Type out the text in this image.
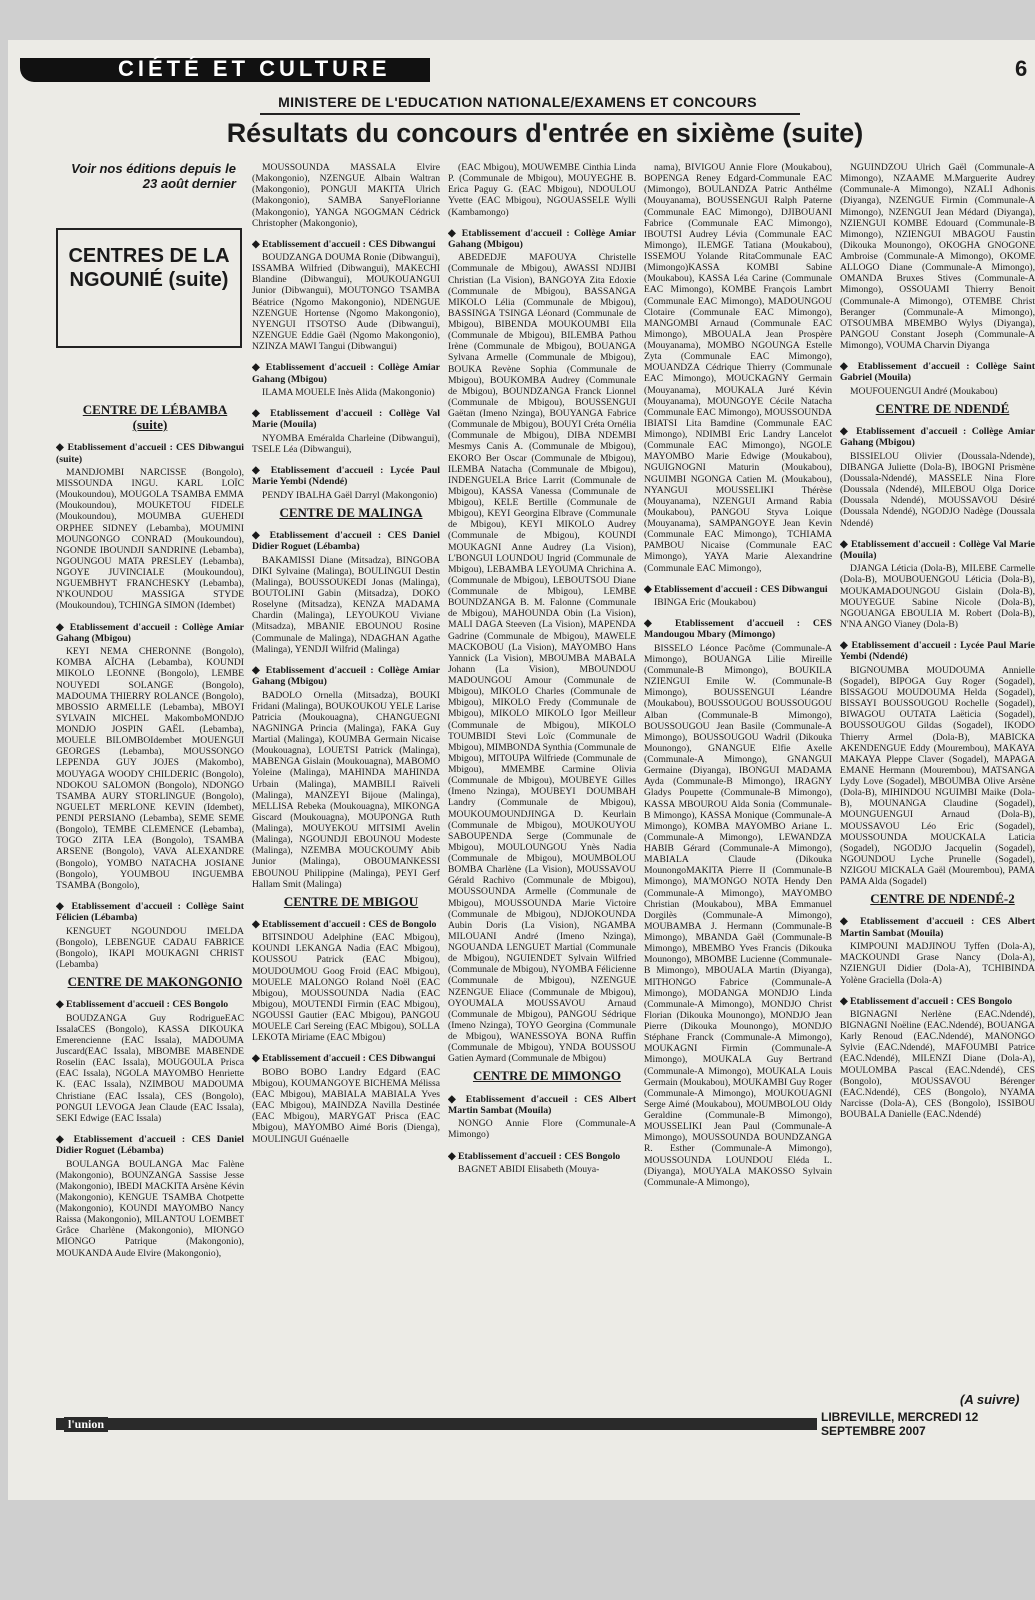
CIÉTÉ ET CULTURE	6
MINISTERE DE L'EDUCATION NATIONALE/EXAMENS ET CONCOURS
Résultats du concours d'entrée en sixième (suite)
Voir nos éditions depuis le 23 août dernier
CENTRES DE LA NGOUNIÉ (suite)

CENTRE DE LÉBAMBA (suite)

◆ Etablissement d'accueil : CES Dibwangui (suite)

MANDJOMBI NARCISSE (Bongolo), MISSOUNDA INGU. KARL LOÏC (Moukoundou), MOUGOLA TSAMBA EMMA (Moukoundou), MOUKETOU FIDELE (Moukoundou), MOUMBA GUEHEDI ORPHEE SIDNEY (Lebamba), MOUMINI MOUNGONGO CONRAD (Moukoundou), NGONDE IBOUNDJI SANDRINE (Lebamba), NGOUNGOU MATA PRESLEY (Lebamba), NGOYE JUVINCIALE (Moukoundou), NGUEMBHYT FRANCHESKY (Lebamba), N'KOUNDOU MASSIGA STYDE (Moukoundou), TCHINGA SIMON (Idembet)

◆ Etablissement d'accueil : Collège Amiar Gahang (Mbigou)

KEYI NEMA CHERONNE (Bongolo), KOMBA AÏCHA (Lebamba), KOUNDI MIKOLO LEONNE (Bongolo), LEMBE NOUYEDI SOLANGE (Bongolo), MADOUMA THIERRY ROLANCE (Bongolo), MBOSSIO ARMELLE (Lebamba), MBOYI SYLVAIN MICHEL MakomboMONDJO MONDJO JOSPIN GAËL (Lebamba), MOUELE BILOMBOIdembet MOUENGUI GEORGES (Lebamba), MOUSSONGO LEPENDA GUY JOJES (Makombo), MOUYAGA WOODY CHILDERIC (Bongolo), NDOKOU SALOMON (Bongolo), NDONGO TSAMBA AURY STORLINGUE (Bongolo), NGUELET MERLONE KEVIN (Idembet), PENDI PERSIANO (Lebamba), SEME SEME (Bongolo), TEMBE CLEMENCE (Lebamba), TOGO ZITA LEA (Bongolo), TSAMBA ARSENE (Bongolo), VAVA ALEXANDRE (Bongolo), YOMBO NATACHA JOSIANE (Bongolo), YOUMBOU INGUEMBA TSAMBA (Bongolo),

◆ Etablissement d'accueil : Collège Saint Félicien (Lébamba)

KENGUET NGOUNDOU IMELDA (Bongolo), LEBENGUE CADAU FABRICE (Bongolo), IKAPI MOUKAGNI CHRIST (Lebamba)

CENTRE DE MAKONGONIO

◆ Etablissement d'accueil : CES Bongolo

BOUDZANGA Guy RodrigueEAC IssalaCES (Bongolo), KASSA DIKOUKA Emerencienne (EAC Issala), MADOUMA Juscard(EAC Issala), MBOMBE MABENDE Roselin (EAC Issala), MOUGOULA Prisca (EAC Issala), NGOLA MAYOMBO Henriette K. (EAC Issala), NZIMBOU MADOUMA Christiane (EAC Issala), CES (Bongolo), PONGUI LEVOGA Jean Claude (EAC Issala), SEKI Edwige (EAC Issala)

◆ Etablissement d'accueil : CES Daniel Didier Roguet (Lébamba)

BOULANGA BOULANGA Mac Falène (Makongonio), BOUNZANGA Sassise Jesse (Makongonio), IBEDI MACKITA Arsène Kévin (Makongonio), KENGUE TSAMBA Chotpette (Makongonio), KOUNDI MAYOMBO Nancy Raissa (Makongonio), MILANTOU LOEMBET Grâce Charlène (Makongonio), MIONGO MIONGO Patrique (Makongonio), MOUKANDA Aude Elvire (Makongonio),

MOUSSOUNDA MASSALA Elvire (Makongonio), NZENGUE Albain Waltran (Makongonio), PONGUI MAKITA Ulrich (Makongonio), SAMBA SanyeFlorianne (Makongonio), YANGA NGOGMAN Cédrick Christopher (Makongonio),

◆ Etablissement d'accueil : CES Dibwangui

BOUDZANGA DOUMA Ronie (Dibwangui), ISSAMBA Wilfried (Dibwangui), MAKECHI Blandine (Dibwangui), MOUKOUANGUI Junior (Dibwangui), MOUTONGO TSAMBA Béatrice (Ngomo Makongonio), NDENGUE NZENGUE Hortense (Ngomo Makongonio), NYENGUI ITSOTSO Aude (Dibwangui), NZENGUE Eddie Gaël (Ngomo Makongonio), NZINZA MAWI Tangui (Dibwangui)

◆ Etablissement d'accueil : Collège Amiar Gahang (Mbigou)

ILAMA MOUELE Inès Alida (Makongonio)

◆ Etablissement d'accueil : Collège Val Marie (Mouila)

NYOMBA Eméralda Charleine (Dibwangui), TSELE Léa (Dibwangui),

◆ Etablissement d'accueil : Lycée Paul Marie Yembi (Ndendé)

PENDY IBALHA Gaël Darryl (Makongonio)

CENTRE DE MALINGA

◆ Etablissement d'accueil : CES Daniel Didier Roguet (Lébamba)

BAKAMISSI Diane (Mitsadza), BINGOBA DIKI Sylvaine (Malinga), BOULINGUI Destin (Malinga), BOUSSOUKEDI Jonas (Malinga), BOUTOLINI Gabin (Mitsadza), DOKO Roselyne (Mitsadza), KENZA MADAMA Chardin (Malinga), LEYOUKOU Viviane (Mitsadza), MBANIE EBOUNOU Rosine (Communale de Malinga), NDAGHAN Agathe (Malinga), YENDJI Wilfrid (Malinga)

◆ Etablissement d'accueil : Collège Amiar Gahang (Mbigou)

BADOLO Ornella (Mitsadza), BOUKI Fridani (Malinga), BOUKOUKOU YELE Larise Patricia (Moukouagna), CHANGUEGNI NAGNINGA Princia (Malinga), FAKA Guy Martial (Malinga), KOUMBA Germain Nicaise (Moukouagna), LOUETSI Patrick (Malinga), MABENGA Gislain (Moukouagna), MABOMO Yoleine (Malinga), MAHINDA MAHINDA Urbain (Malinga), MAMBILI Raïveli (Malinga), MANZEYI Bijoue (Malinga), MELLISA Rebeka (Moukouagna), MIKONGA Giscard (Moukouagna), MOUPONGA Ruth (Malinga), MOUYEKOU MITSIMI Avelin (Malinga), NGOUNDJI EBOUNOU Modeste (Malinga), NZEMBA MOUCKOUMY Abib Junior (Malinga), OBOUMANKESSI EBOUNOU Philippine (Malinga), PEYI Gerf Hallam Smit (Malinga)

CENTRE DE MBIGOU

◆ Etablissement d'accueil : CES de Bongolo

BITSINDOU Adelphine (EAC Mbigou), KOUNDI LEKANGA Nadia (EAC Mbigou), KOUSSOU Patrick (EAC Mbigou), MOUDOUMOU Goog Froid (EAC Mbigou), MOUELE MALONGO Roland Noël (EAC Mbigou), MOUSSOUNDA Nadia (EAC Mbigou), MOUTENDI Firmin (EAC Mbigou), NGOUSSI Gautier (EAC Mbigou), PANGOU MOUELE Carl Sereing (EAC Mbigou), SOLLA LEKOTA Miriame (EAC Mbigou)

◆ Etablissement d'accueil : CES Dibwangui

BOBO BOBO Landry Edgard (EAC Mbigou), KOUMANGOYE BICHEMA Mélissa (EAC Mbigou), MABIALA MABIALA Yves (EAC Mbigou), MAINDZA Navilla Destinée (EAC Mbigou), MARYGAT Prisca (EAC Mbigou), MAYOMBO Aimé Boris (Dienga), MOULINGUI Guénaelle

(EAC Mbigou), MOUWEMBE Cinthia Linda P. (Communale de Mbigou), MOUYEGHE B. Erica Paguy G. (EAC Mbigou), NDOULOU Yvette (EAC Mbigou), NGOUASSELE Wylli (Kambamongo)

◆ Etablissement d'accueil : Collège Amiar Gahang (Mbigou)

ABEDEDJE MAFOUYA Christelle (Communale de Mbigou), AWASSI NDJIBI Christian (La Vision), BANGOYA Zita Edoxie (Communale de Mbigou), BASSANGA MIKOLO Lélia (Communale de Mbigou), BASSINGA TSINGA Léonard (Communale de Mbigou), BIBENDA MOUKOUMBI Ella (Communale de Mbigou), BILEMBA Pathou Irène (Communale de Mbigou), BOUANGA Sylvana Armelle (Communale de Mbigou), BOUKA Revène Sophia (Communale de Mbigou), BOUKOMBA Audrey (Communale de Mbigou), BOUNDZANGA Franck Lionnel (Communale de Mbigou), BOUSSENGUI Gaëtan (Imeno Nzinga), BOUYANGA Fabrice (Communale de Mbigou), BOUYI Créta Ornélia (Communale de Mbigou), DIBA NDEMBI Mesmys Canis A. (Communale de Mbigou), EKORO Ber Oscar (Communale de Mbigou), ILEMBA Natacha (Communale de Mbigou), INDENGUELA Brice Larrit (Communale de Mbigou), KASSA Vanessa (Communale de Mbigou), KELE Bertille (Communale de Mbigou), KEYI Georgina Elbrave (Communale de Mbigou), KEYI MIKOLO Audrey (Communale de Mbigou), KOUNDI MOUKAGNI Anne Audrey (La Vision), L'BONGUI LOUNDOU Ingrid (Communale de Mbigou), LEBAMBA LEYOUMA Chrichina A. (Communale de Mbigou), LEBOUTSOU Diane (Communale de Mbigou), LEMBE BOUNDZANGA B. M. Falonne (Communale de Mbigou), MAHOUNDA Obin (La Vision), MALI DAGA Steeven (La Vision), MAPENDA Gadrine (Communale de Mbigou), MAWELE MACKOBOU (La Vision), MAYOMBO Hans Yannick (La Vision), MBOUMBA MABALA Johann (La Vision), MBOUNDOU MADOUNGOU Amour (Communale de Mbigou), MIKOLO Charles (Communale de Mbigou), MIKOLO Fredy (Communale de Mbigou), MIKOLO MIKOLO Igor Meilleur (Communale de Mbigou), MIKOLO TOUMBIDI Stevi Loïc (Communale de Mbigou), MIMBONDA Synthia (Communale de Mbigou), MITOUPA Wilfriede (Communale de Mbigou), MMEMBE Carmine Olivia (Communale de Mbigou), MOUBEYE Gilles (Imeno Nzinga), MOUBEYI DOUMBAH Landry (Communale de Mbigou), MOUKOUMOUNDJINGA D. Keurlain (Communale de Mbigou), MOUKOUYOU SABOUPENDA Serge (Communale de Mbigou), MOULOUNGOU Ynès Nadia (Communale de Mbigou), MOUMBOLOU BOMBA Charlène (La Vision), MOUSSAVOU Gérald Rachivo (Communale de Mbigou), MOUSSOUNDA Armelle (Communale de Mbigou), MOUSSOUNDA Marie Victoire (Communale de Mbigou), NDJOKOUNDA Aubin Doris (La Vision), NGAMBA MILOUANI André (Imeno Nzinga), NGOUANDA LENGUET Martial (Communale de Mbigou), NGUIENDET Sylvain Wilfried (Communale de Mbigou), NYOMBA Félicienne (Communale de Mbigou), NZENGUE NZENGUE Eliace (Communale de Mbigou), OYOUMALA MOUSSAVOU Arnaud (Communale de Mbigou), PANGOU Sédrique (Imeno Nzinga), TOYO Georgina (Communale de Mbigou), WANESSOYA BONA Ruffin (Communale de Mbigou), YNDA BOUSSOU Gatien Aymard (Communale de Mbigou)

CENTRE DE MIMONGO

◆ Etablissement d'accueil : CES Albert Martin Sambat (Mouila)

NONGO Annie Flore (Communale-A Mimongo)

◆ Etablissement d'accueil : CES Bongolo

BAGNET ABIDI Elisabeth (Mouya-

nama), BIVIGOU Annie Flore (Moukabou), BOPENGA Reney Edgard-Communale EAC (Mimongo), BOULANDZA Patric Anthélme (Mouyanama), BOUSSENGUI Ralph Paterne (Communale EAC Mimongo), DJIBOUANI Fabrice (Communale EAC Mimongo), IBOUTSI Audrey Lévia (Communale EAC Mimongo), ILEMGE Tatiana (Moukabou), ISSEMOU Yolande RitaCommunale EAC (Mimongo)KASSA KOMBI Sabine (Moukabou), KASSA Léa Carine (Communale EAC Mimongo), KOMBE François Lambrt (Communale EAC Mimongo), MADOUNGOU Clotaire (Communale EAC Mimongo), MANGOMBI Arnaud (Communale EAC Mimongo), MBOUALA Jean Prospère (Mouyanama), MOMBO NGOUNGA Estelle Zyta (Communale EAC Mimongo), MOUANDZA Cédrique Thierry (Communale EAC Mimongo), MOUCKAGNY Germain (Mouyanama), MOUKALA Juré Kévin (Mouyanama), MOUNGOYE Cécile Natacha (Communale EAC Mimongo), MOUSSOUNDA IBIATSI Lita Bamdine (Communale EAC Mimongo), NDIMBI Eric Landry Lancelot (Communale EAC Mimongo), NGOLE MAYOMBO Marie Edwige (Moukabou), NGUIGNOGNI Maturin (Moukabou), NGUIMBI NGONGA Catien M. (Moukabou), NYANGUI MOUSSELIKI Thérèse (Mouyanama), NZENGUI Armand Rabia (Moukabou), PANGOU Styva Loique (Mouyanama), SAMPANGOYE Jean Kevin (Communale EAC Mimongo), TCHIAMA PAMBOU Nicaise (Communale EAC Mimongo), YAYA Marie Alexandrine (Communale EAC Mimongo),

◆ Etablissement d'accueil : CES Dibwangui

IBINGA Eric (Moukabou)

◆ Etablissement d'accueil : CES Mandougou Mbary (Mimongo)

BISSELO Léonce Pacôme (Communale-A Mimongo), BOUANGA Lilie Mireille (Communale-B Mimongo), BOUKILA NZIENGUI Emile W. (Communale-B Mimongo), BOUSSENGUI Léandre (Moukabou), BOUSSOUGOU BOUSSOUGOU Alban (Communale-B Mimongo), BOUSSOUGOU Jean Basile (Communale-A Mimongo), BOUSSOUGOU Wadril (Dikouka Mounongo), GNANGUE Elfie Axelle (Communale-A Mimongo), GNANGUI Germaine (Diyanga), IBONGUI MADAMA Ayda (Communale-B Mimongo), IRAGNY Gladys Poupette (Communale-B Mimongo), KASSA MBOUROU Alda Sonia (Communale-B Mimongo), KASSA Monique (Communale-A Mimongo), KOMBA MAYOMBO Ariane L. (Communale-A Mimongo), LEWANDZA HABIB Gérard (Communale-A Mimongo), MABIALA Claude (Dikouka MounongoMAKITA Pierre II (Communale-B Mimongo), MA'MONGO NOTA Hendy Den (Communale-A Mimongo), MAYOMBO Christian (Moukabou), MBA Emmanuel Dorgilès (Communale-A Mimongo), MOUBAMBA J. Hermann (Communale-B Mimongo), MBANDA Gaël (Communale-B Mimongo), MBEMBO Yves Francis (Dikouka Mounongo), MBOMBE Lucienne (Communale-B Mimongo), MBOUALA Martin (Diyanga), MITHONGO Fabrice (Communale-A Mimongo), MODANGA MONDJO Linda (Communale-A Mimongo), MONDJO Christ Florian (Dikouka Mounongo), MONDJO Jean Pierre (Dikouka Mounongo), MONDJO Stéphane Franck (Communale-A Mimongo), MOUKAGNI Firmin (Communale-A Mimongo), MOUKALA Guy Bertrand (Communale-A Mimongo), MOUKALA Louis Germain (Moukabou), MOUKAMBI Guy Roger (Communale-A Mimongo), MOUKOUAGNI Serge Aimé (Moukabou), MOUMBOLOU Oldy Geraldine (Communale-B Mimongo), MOUSSELIKI Jean Paul (Communale-A Mimongo), MOUSSOUNDA BOUNDZANGA R. Esther (Communale-A Mimongo), MOUSSOUNDA LOUNDOU Eléda L. (Diyanga), MOUYALA MAKOSSO Sylvain (Communale-A Mimongo),

NGUINDZOU Ulrich Gaël (Communale-A Mimongo), NZAAME M.Marguerite Audrey (Communale-A Mimongo), NZALI Adhonis (Diyanga), NZENGUE Firmin (Communale-A Mimongo), NZENGUI Jean Médard (Diyanga), NZIENGUI KOMBE Edouard (Communale-B Mimongo), NZIENGUI MBAGOU Faustin (Dikouka Mounongo), OKOGHA GNOGONE Ambroise (Communale-A Mimongo), OKOME ALLOGO Diane (Communale-A Mimongo), OMANDA Bruxes Stives (Communale-A Mimongo), OSSOUAMI Thierry Benoit (Communale-A Mimongo), OTEMBE Christ Beranger (Communale-A Mimongo), OTSOUMBA MBEMBO Wylys (Diyanga), PANGOU Constant Joseph (Communale-A Mimongo), VOUMA Charvin Diyanga

◆ Etablissement d'accueil : Collège Saint Gabriel (Mouila)

MOUFOUENGUI André (Moukabou)

CENTRE DE NDENDÉ

◆ Etablissement d'accueil : Collège Amiar Gahang (Mbigou)

BISSIELOU Olivier (Doussala-Ndende), DIBANGA Juliette (Dola-B), IBOGNI Prismène (Doussala-Ndendé), MASSELE Nina Flore (Doussala (Ndendé), MILEBOU Olga Dorice (Doussala Ndendé), MOUSSAVOU Désiré (Doussala Ndendé), NGODJO Nadège (Doussala Ndendé)

◆ Etablissement d'accueil : Collège Val Marie (Mouila)

DJANGA Léticia (Dola-B), MILEBE Carmelle (Dola-B), MOUBOUENGOU Léticia (Dola-B), MOUKAMADOUNGOU Gislain (Dola-B), MOUYEGUE Sabine Nicole (Dola-B), NGOUANGA EBOULIA M. Robert (Dola-B), N'NA ANGO Vianey (Dola-B)

◆ Etablissement d'accueil : Lycée Paul Marie Yembi (Ndendé)

BIGNOUMBA MOUDOUMA Annielle (Sogadel), BIPOGA Guy Roger (Sogadel), BISSAGOU MOUDOUMA Helda (Sogadel), BISSAYI BOUSSOUGOU Rochelle (Sogadel), BIWAGOU OUTATA Laëticia (Sogadel), BOUSSOUGOU Gildas (Sogadel), IKODO Thierry Armel (Dola-B), MABICKA AKENDENGUE Eddy (Mourembou), MAKAYA MAKAYA Pleppe Claver (Sogadel), MAPAGA EMANE Hermann (Mourembou), MATSANGA Lydy Love (Sogadel), MBOUMBA Olive Arsène (Dola-B), MIHINDOU NGUIMBI Maike (Dola-B), MOUNANGA Claudine (Sogadel), MOUNGUENGUI Arnaud (Dola-B), MOUSSAVOU Léo Eric (Sogadel), MOUSSOUNDA MOUCKALA Laticia (Sogadel), NGODJO Jacquelin (Sogadel), NGOUNDOU Lyche Prunelle (Sogadel), NZIGOU MICKALA Gaël (Mourembou), PAMA PAMA Alda (Sogadel)

CENTRE DE NDENDÉ-2

◆ Etablissement d'accueil : CES Albert Martin Sambat (Mouila)

KIMPOUNI MADJINOU Tyffen (Dola-A), MACKOUNDI Grase Nancy (Dola-A), NZIENGUI Didier (Dola-A), TCHIBINDA Yolène Graciella (Dola-A)

◆ Etablissement d'accueil : CES Bongolo

BIGNAGNI Nerlène (EAC.Ndendé), BIGNAGNI Noëline (EAC.Ndendé), BOUANGA Karly Renoud (EAC.Ndendé), MANONGO Sylvie (EAC.Ndendé), MAFOUMBI Patrice (EAC.Ndendé), MILENZI Diane (Dola-A), MOULOMBA Pascal (EAC.Ndendé), CES (Bongolo), MOUSSAVOU Bérenger (EAC.Ndendé), CES (Bongolo), NYAMA Narcisse (Dola-A), CES (Bongolo), ISSIBOU BOUBALA Danielle (EAC.Ndendé)

(A suivre)
l'union	LIBREVILLE, MERCREDI 12 SEPTEMBRE 2007
